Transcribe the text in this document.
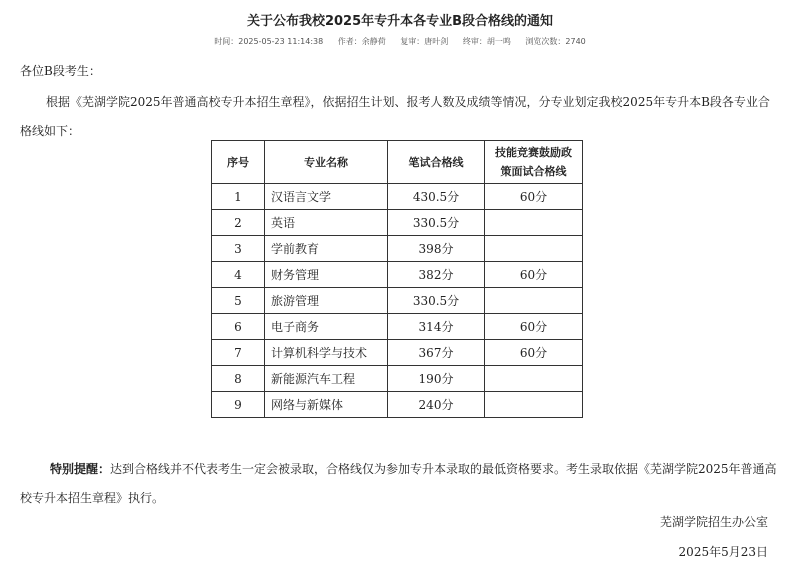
关于公布我校2025年专升本各专业B段合格线的通知
时间：2025-05-23 11:14:38 作者：余静荷 复审：唐叶剑 终审：胡一鸣 浏览次数：2740
各位B段考生：
根据《芜湖学院2025年普通高校专升本招生章程》，依据招生计划、报考人数及成绩等情况，分专业划定我校2025年专升本B段各专业合格线如下：
序号	专业名称	笔试合格线	技能竞赛鼓励政
策面试合格线
1	汉语言文学	430.5分	60分
2	英语	330.5分	
3	学前教育	398分	
4	财务管理	382分	60分
5	旅游管理	330.5分	
6	电子商务	314分	60分
7	计算机科学与技术	367分	60分
8	新能源汽车工程	190分	
9	网络与新媒体	240分	
特别提醒：达到合格线并不代表考生一定会被录取，合格线仅为参加专升本录取的最低资格要求。考生录取依据《芜湖学院2025年普通高校专升本招生章程》执行。
芜湖学院招生办公室
2025年5月23日
